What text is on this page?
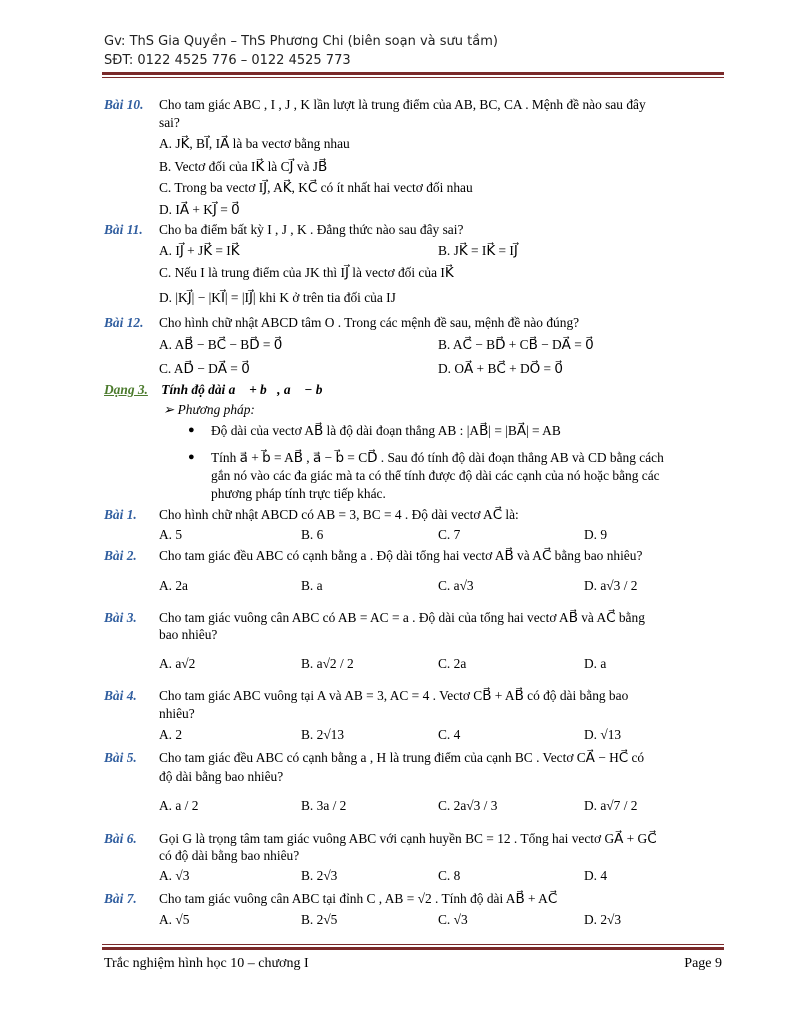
Gv: ThS Gia Quyền – ThS Phương Chi (biên soạn và sưu tầm)
SĐT: 0122 4525 776 – 0122 4525 773
Bài 10. Cho tam giác ABC , I , J , K lần lượt là trung điểm của AB, BC, CA . Mệnh đề nào sau đây
sai?
A. JK⃗, BI⃗, IA⃗ là ba vectơ bằng nhau
B. Vectơ đối của IK⃗ là CJ⃗ và JB⃗
C. Trong ba vectơ IJ⃗, AK⃗, KC⃗ có ít nhất hai vectơ đối nhau
D. IA⃗ + KJ⃗ = 0⃗
Bài 11. Cho ba điểm bất kỳ I , J , K . Đẳng thức nào sau đây sai?
A. IJ⃗ + JK⃗ = IK⃗	B. JK⃗ = IK⃗ = IJ⃗
C. Nếu I là trung điểm của JK thì IJ⃗ là vectơ đối của IK⃗
D. |KJ⃗| − |KI⃗| = |IJ⃗| khi K ở trên tia đối của IJ
Bài 12. Cho hình chữ nhật ABCD tâm O . Trong các mệnh đề sau, mệnh đề nào đúng?
A. AB⃗ − BC⃗ − BD⃗ = 0⃗	B. AC⃗ − BD⃗ + CB⃗ − DA⃗ = 0⃗
C. AD⃗ − DA⃗ = 0⃗	D. OA⃗ + BC⃗ + DO⃗ = 0⃗
Dạng 3. Tính độ dài a⃗ + b⃗, a⃗ − b⃗
➢ Phương pháp:
● Độ dài của vectơ AB⃗ là độ dài đoạn thẳng AB : |AB⃗| = |BA⃗| = AB
● Tính a⃗ + b⃗ = AB⃗ , a⃗ − b⃗ = CD⃗ . Sau đó tính độ dài đoạn thẳng AB và CD bằng cách
gắn nó vào các đa giác mà ta có thể tính được độ dài các cạnh của nó hoặc bằng các
phương pháp tính trực tiếp khác.
Bài 1. Cho hình chữ nhật ABCD có AB = 3, BC = 4 . Độ dài vectơ AC⃗ là:
A. 5	B. 6	C. 7	D. 9
Bài 2. Cho tam giác đều ABC có cạnh bằng a . Độ dài tổng hai vectơ AB⃗ và AC⃗ bằng bao nhiêu?
A. 2a	B. a	C. a√3	D. a√3 / 2
Bài 3. Cho tam giác vuông cân ABC có AB = AC = a . Độ dài của tổng hai vectơ AB⃗ và AC⃗ bằng
bao nhiêu?
A. a√2	B. a√2 / 2	C. 2a	D. a
Bài 4. Cho tam giác ABC vuông tại A và AB = 3, AC = 4 . Vectơ CB⃗ + AB⃗ có độ dài bằng bao
nhiêu?
A. 2	B. 2√13	C. 4	D. √13
Bài 5. Cho tam giác đều ABC có cạnh bằng a , H là trung điểm của cạnh BC . Vectơ CA⃗ − HC⃗ có
độ dài bằng bao nhiêu?
A. a / 2	B. 3a / 2	C. 2a√3 / 3	D. a√7 / 2
Bài 6. Gọi G là trọng tâm tam giác vuông ABC với cạnh huyền BC = 12 . Tổng hai vectơ GA⃗ + GC⃗
có độ dài bằng bao nhiêu?
A. √3	B. 2√3	C. 8	D. 4
Bài 7. Cho tam giác vuông cân ABC tại đỉnh C , AB = √2 . Tính độ dài AB⃗ + AC⃗
A. √5	B. 2√5	C. √3	D. 2√3
Trắc nghiệm hình học 10 – chương I	Page 9
